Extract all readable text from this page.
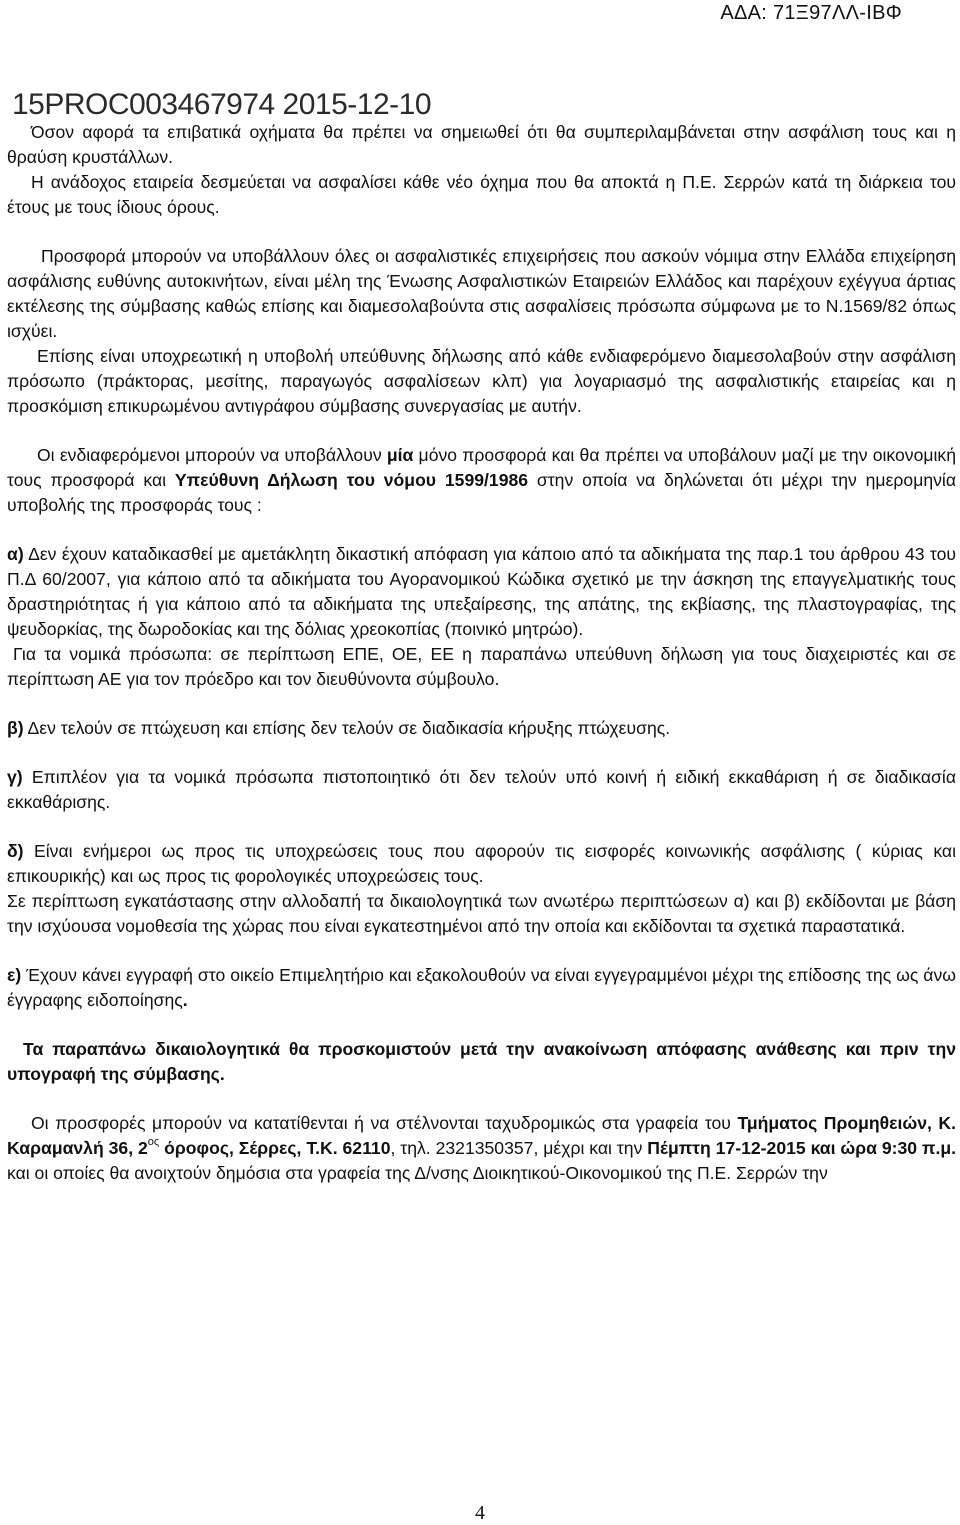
ΑΔΑ: 71Ξ97ΛΛ-ΙΒΦ

Όσον αφορά τα επιβατικά οχήματα θα πρέπει να σημειωθεί ότι θα συμπεριλαμβάνεται στην ασφάλιση τους και η θραύση κρυστάλλων.

Η ανάδοχος εταιρεία δεσμεύεται να ασφαλίσει κάθε νέο όχημα που θα αποκτά η Π.Ε. Σερρών κατά τη διάρκεια του έτους με τους ίδιους όρους.

Προσφορά μπορούν να υποβάλλουν όλες οι ασφαλιστικές επιχειρήσεις που ασκούν νόμιμα στην Ελλάδα επιχείρηση ασφάλισης ευθύνης αυτοκινήτων, είναι μέλη της Ένωσης Ασφαλιστικών Εταιρειών Ελλάδος και παρέχουν εχέγγυα άρτιας εκτέλεσης της σύμβασης καθώς επίσης και διαμεσολαβούντα στις ασφαλίσεις πρόσωπα σύμφωνα με το Ν.1569/82 όπως ισχύει.

Επίσης είναι υποχρεωτική η υποβολή υπεύθυνης δήλωσης από κάθε ενδιαφερόμενο διαμεσολαβούν στην ασφάλιση πρόσωπο (πράκτορας, μεσίτης, παραγωγός ασφαλίσεων κλπ) για λογαριασμό της ασφαλιστικής εταιρείας και η προσκόμιση επικυρωμένου αντιγράφου σύμβασης συνεργασίας με αυτήν.

Οι ενδιαφερόμενοι μπορούν να υποβάλλουν μία μόνο προσφορά και θα πρέπει να υποβάλουν μαζί με την οικονομική τους προσφορά και Υπεύθυνη Δήλωση του νόμου 1599/1986 στην οποία να δηλώνεται ότι μέχρι την ημερομηνία υποβολής της προσφοράς τους :

α) Δεν έχουν καταδικασθεί με αμετάκλητη δικαστική απόφαση για κάποιο από τα αδικήματα της παρ.1 του άρθρου 43 του Π.Δ 60/2007, για κάποιο από τα αδικήματα του Αγορανομικού Κώδικα σχετικό με την άσκηση της επαγγελματικής τους δραστηριότητας ή για κάποιο από τα αδικήματα της υπεξαίρεσης, της απάτης, της εκβίασης, της πλαστογραφίας, της ψευδορκίας, της δωροδοκίας και της δόλιας χρεοκοπίας (ποινικό μητρώο).

Για τα νομικά πρόσωπα: σε περίπτωση ΕΠΕ, ΟΕ, ΕΕ η παραπάνω υπεύθυνη δήλωση για τους διαχειριστές και σε περίπτωση ΑΕ για τον πρόεδρο και τον διευθύνοντα σύμβουλο.

β) Δεν τελούν σε πτώχευση και επίσης δεν τελούν σε διαδικασία κήρυξης πτώχευσης.

γ) Επιπλέον για τα νομικά πρόσωπα πιστοποιητικό ότι δεν τελούν υπό κοινή ή ειδική εκκαθάριση ή σε διαδικασία εκκαθάρισης.

δ) Είναι ενήμεροι ως προς τις υποχρεώσεις τους που αφορούν τις εισφορές κοινωνικής ασφάλισης ( κύριας και επικουρικής) και ως προς τις φορολογικές υποχρεώσεις τους.

Σε περίπτωση εγκατάστασης στην αλλοδαπή τα δικαιολογητικά των ανωτέρω περιπτώσεων α) και β) εκδίδονται με βάση την ισχύουσα νομοθεσία της χώρας που είναι εγκατεστημένοι από την οποία και εκδίδονται τα σχετικά παραστατικά.

ε) Έχουν κάνει εγγραφή στο οικείο Επιμελητήριο και εξακολουθούν να είναι εγγεγραμμένοι μέχρι της επίδοσης της ως άνω έγγραφης ειδοποίησης.

Τα παραπάνω δικαιολογητικά θα προσκομιστούν μετά την ανακοίνωση απόφασης ανάθεσης και πριν την υπογραφή της σύμβασης.

Οι προσφορές μπορούν να κατατίθενται ή να στέλνονται ταχυδρομικώς στα γραφεία του Τμήματος Προμηθειών, Κ. Καραμανλή 36, $2^{o\varsigma}$ όροφος, Σέρρες, Τ.Κ. 62110, τηλ. 2321350357, μέχρι και την Πέμπτη 17-12-2015 και ώρα 9:30 π.μ. και οι οποίες θα ανοιχτούν δημόσια στα γραφεία της Δ/νσης Διοικητικού-Οικονομικού της Π.Ε. Σερρών την

15PROC003467974 2015-12-10
4
